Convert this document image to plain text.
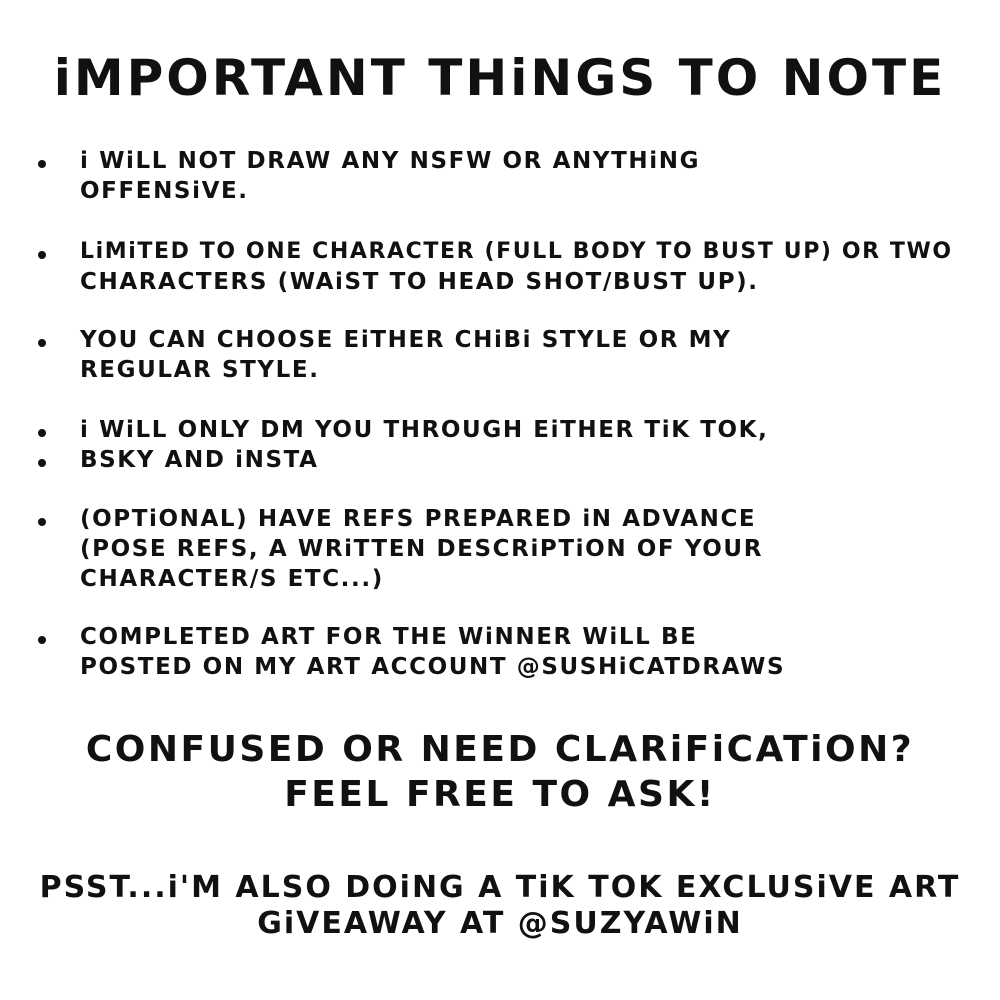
iMPORTANT THiNGS TO NOTE
i WiLL NOT DRAW ANY NSFW OR ANYTHiNG
OFFENSiVE.
LiMiTED TO ONE CHARACTER (FULL BODY TO BUST UP) OR TWO
CHARACTERS (WAiST TO HEAD SHOT/BUST UP).
YOU CAN CHOOSE EiTHER CHiBi STYLE OR MY
REGULAR STYLE.
i WiLL ONLY DM YOU THROUGH EiTHER TiK TOK,
BSKY AND iNSTA
(OPTiONAL) HAVE REFS PREPARED iN ADVANCE
(POSE REFS, A WRiTTEN DESCRiPTiON OF YOUR
CHARACTER/S ETC...)
COMPLETED ART FOR THE WiNNER WiLL BE
POSTED ON MY ART ACCOUNT @SUSHiCATDRAWS
CONFUSED OR NEED CLARiFiCATiON?
FEEL FREE TO ASK!
PSST...i'M ALSO DOiNG A TiK TOK EXCLUSiVE ART
GiVEAWAY AT @SUZYAWiN
